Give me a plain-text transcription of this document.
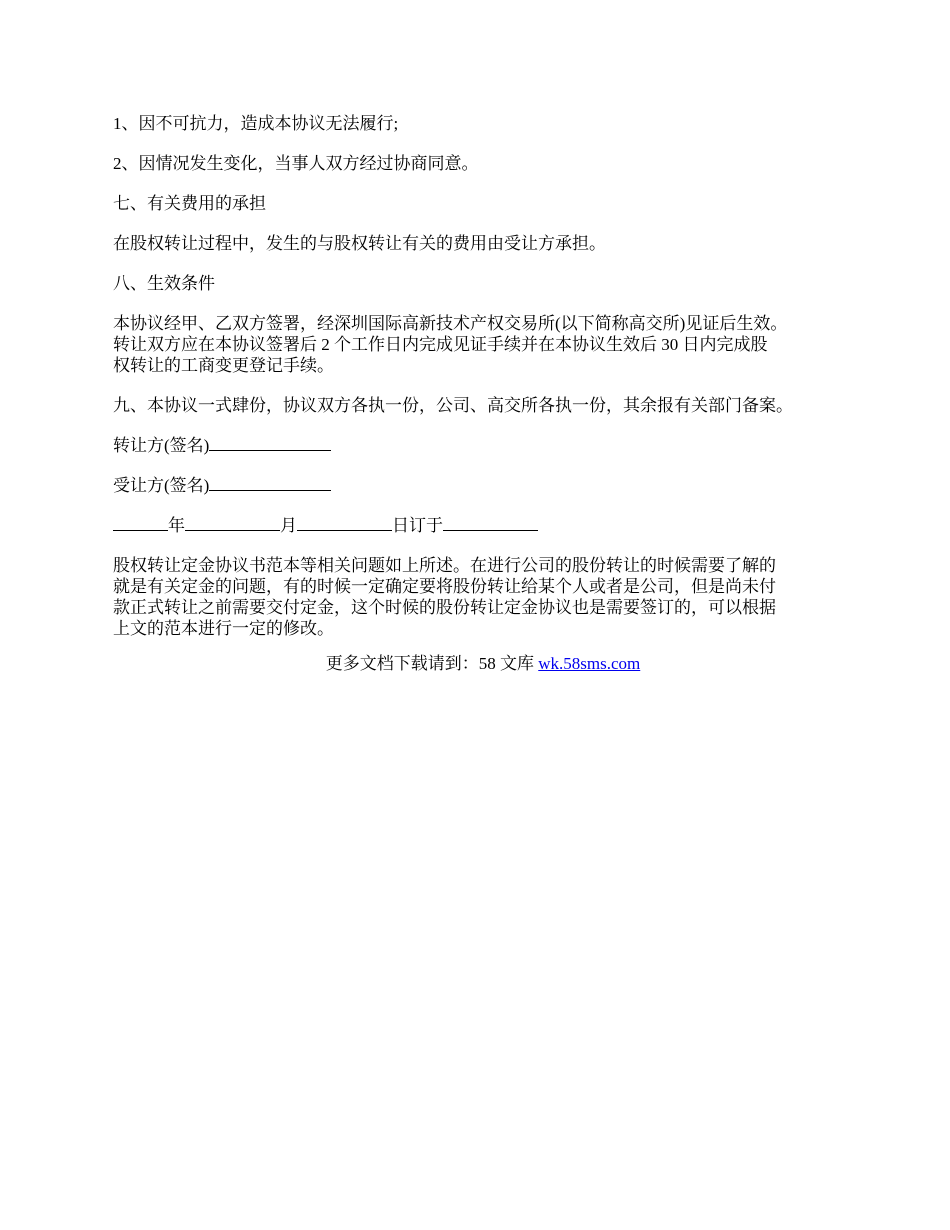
1、因不可抗力，造成本协议无法履行;

2、因情况发生变化，当事人双方经过协商同意。

七、有关费用的承担

在股权转让过程中，发生的与股权转让有关的费用由受让方承担。

八、生效条件

本协议经甲、乙双方签署，经深圳国际高新技术产权交易所(以下简称高交所)见证后生效。
转让双方应在本协议签署后 2 个工作日内完成见证手续并在本协议生效后 30 日内完成股
权转让的工商变更登记手续。

九、本协议一式肆份，协议双方各执一份，公司、高交所各执一份，其余报有关部门备案。

转让方(签名)

受让方(签名)

年	月	日订于

股权转让定金协议书范本等相关问题如上所述。在进行公司的股份转让的时候需要了解的
就是有关定金的问题，有的时候一定确定要将股份转让给某个人或者是公司，但是尚未付
款正式转让之前需要交付定金，这个时候的股份转让定金协议也是需要签订的，可以根据
上文的范本进行一定的修改。

更多文档下载请到：58 文库 wk.58sms.com
